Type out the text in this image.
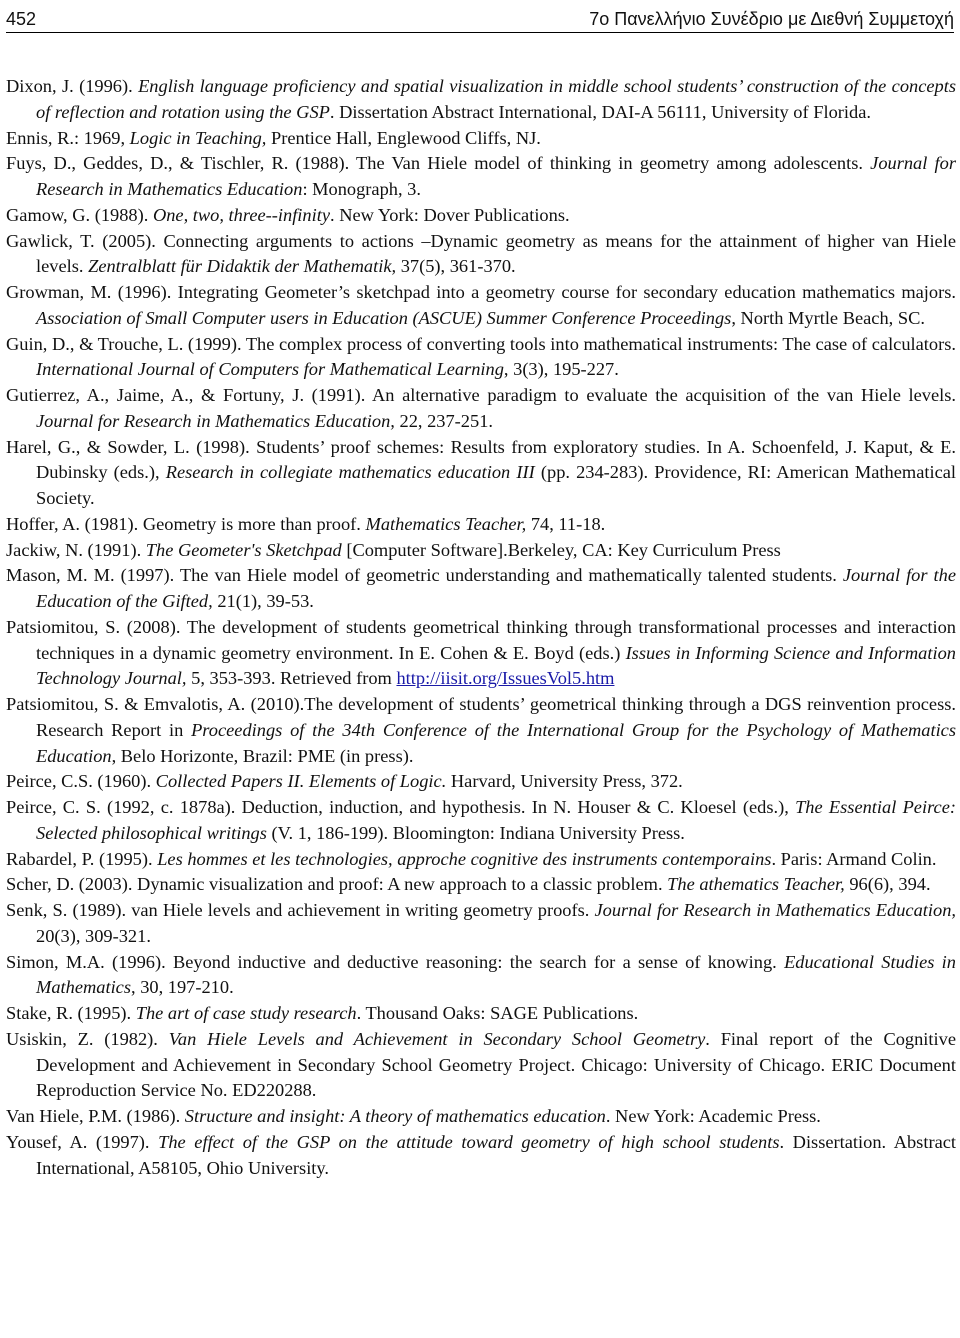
452	7ο Πανελλήνιο Συνέδριο με Διεθνή Συμμετοχή

Dixon, J. (1996). English language proficiency and spatial visualization in middle school students’ construction of the concepts of reflection and rotation using the GSP. Dissertation Abstract International, DAI-A 56111, University of Florida.

Ennis, R.: 1969, Logic in Teaching, Prentice Hall, Englewood Cliffs, NJ.

Fuys, D., Geddes, D., & Tischler, R. (1988). The Van Hiele model of thinking in geometry among adolescents. Journal for Research in Mathematics Education: Monograph, 3.

Gamow, G. (1988). One, two, three--infinity. New York: Dover Publications.

Gawlick, T. (2005). Connecting arguments to actions –Dynamic geometry as means for the attainment of higher van Hiele levels. Zentralblatt für Didaktik der Mathematik, 37(5), 361-370.

Growman, M. (1996). Integrating Geometer’s sketchpad into a geometry course for secondary education mathematics majors. Association of Small Computer users in Education (ASCUE) Summer Conference Proceedings, North Myrtle Beach, SC.

Guin, D., & Trouche, L. (1999). The complex process of converting tools into mathematical instruments: The case of calculators. International Journal of Computers for Mathematical Learning, 3(3), 195-227.

Gutierrez, A., Jaime, A., & Fortuny, J. (1991). An alternative paradigm to evaluate the acquisition of the van Hiele levels. Journal for Research in Mathematics Education, 22, 237-251.

Harel, G., & Sowder, L. (1998). Students’ proof schemes: Results from exploratory studies. In A. Schoenfeld, J. Kaput, & E. Dubinsky (eds.), Research in collegiate mathematics education III (pp. 234-283). Providence, RI: American Mathematical Society.

Hoffer, A. (1981). Geometry is more than proof. Mathematics Teacher, 74, 11-18.

Jackiw, N. (1991). The Geometer's Sketchpad [Computer Software].Berkeley, CA: Key Curriculum Press

Mason, M. M. (1997). The van Hiele model of geometric understanding and mathematically talented students. Journal for the Education of the Gifted, 21(1), 39-53.

Patsiomitou, S. (2008). The development of students geometrical thinking through transformational processes and interaction techniques in a dynamic geometry environment. In E. Cohen & E. Boyd (eds.) Issues in Informing Science and Information Technology Journal, 5, 353-393. Retrieved from http://iisit.org/IssuesVol5.htm

Patsiomitou, S. & Emvalotis, A. (2010).The development of students’ geometrical thinking through a DGS reinvention process. Research Report in Proceedings of the 34th Conference of the International Group for the Psychology of Mathematics Education, Belo Horizonte, Brazil: PME (in press).

Peirce, C.S. (1960). Collected Papers II. Elements of Logic. Harvard, University Press, 372.

Peirce, C. S. (1992, c. 1878a). Deduction, induction, and hypothesis. In N. Houser & C. Kloesel (eds.), The Essential Peirce: Selected philosophical writings (V. 1, 186-199). Bloomington: Indiana University Press.

Rabardel, P. (1995). Les hommes et les technologies, approche cognitive des instruments contemporains. Paris: Armand Colin.

Scher, D. (2003). Dynamic visualization and proof: A new approach to a classic problem. The athematics Teacher, 96(6), 394.

Senk, S. (1989). van Hiele levels and achievement in writing geometry proofs. Journal for Research in Mathematics Education, 20(3), 309-321.

Simon, M.A. (1996). Beyond inductive and deductive reasoning: the search for a sense of knowing. Educational Studies in Mathematics, 30, 197-210.

Stake, R. (1995). The art of case study research. Thousand Oaks: SAGE Publications.

Usiskin, Z. (1982). Van Hiele Levels and Achievement in Secondary School Geometry. Final report of the Cognitive Development and Achievement in Secondary School Geometry Project. Chicago: University of Chicago. ERIC Document Reproduction Service No. ED220288.

Van Hiele, P.M. (1986). Structure and insight: A theory of mathematics education. New York: Academic Press.

Yousef, A. (1997). The effect of the GSP on the attitude toward geometry of high school students. Dissertation. Abstract International, A58105, Ohio University.
